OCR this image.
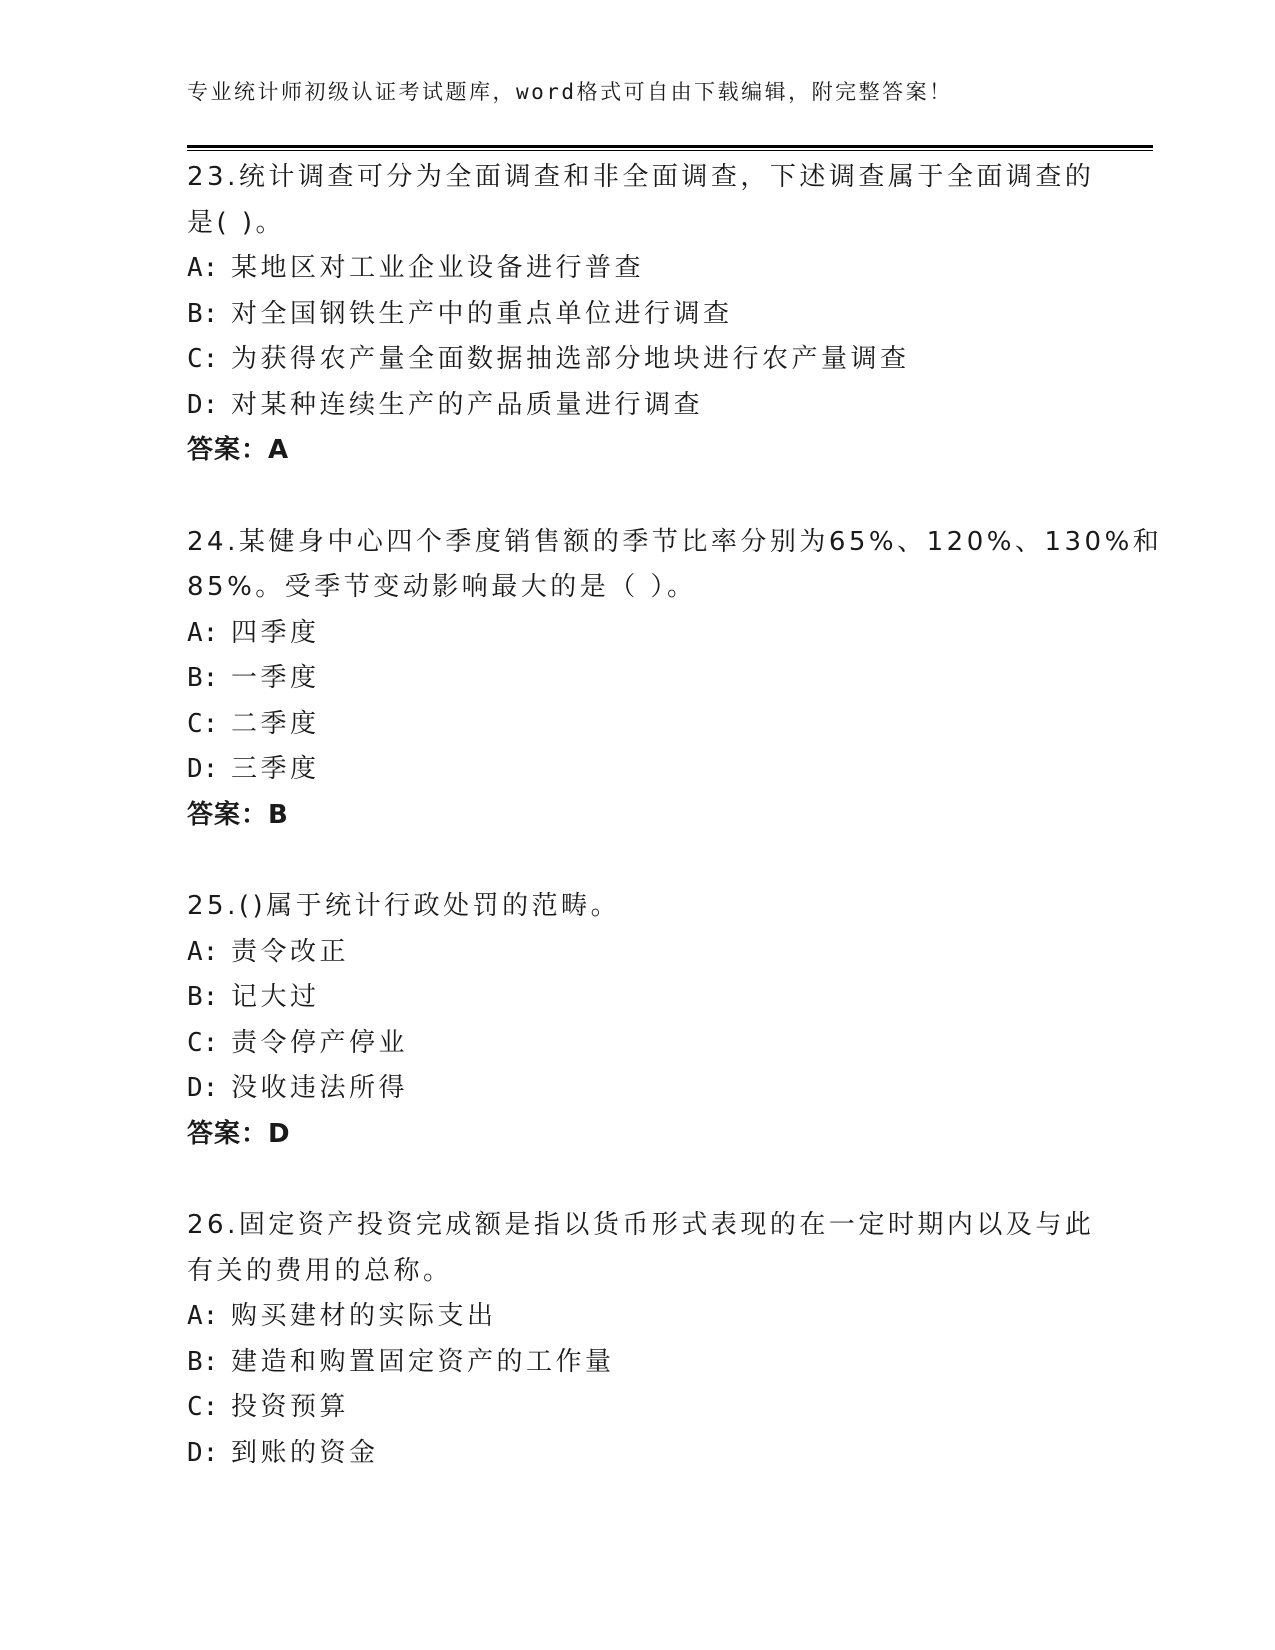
专业统计师初级认证考试题库，word格式可自由下载编辑，附完整答案！
23.统计调查可分为全面调查和非全面调查，下述调查属于全面调查的
是( )。
A: 某地区对工业企业设备进行普查
B: 对全国钢铁生产中的重点单位进行调查
C: 为获得农产量全面数据抽选部分地块进行农产量调查
D: 对某种连续生产的产品质量进行调查
答案：A
24.某健身中心四个季度销售额的季节比率分别为65%、120%、130%和
85%。受季节变动影响最大的是（ ）。
A: 四季度
B: 一季度
C: 二季度
D: 三季度
答案：B
25.()属于统计行政处罚的范畴。
A: 责令改正
B: 记大过
C: 责令停产停业
D: 没收违法所得
答案：D
26.固定资产投资完成额是指以货币形式表现的在一定时期内以及与此
有关的费用的总称。
A: 购买建材的实际支出
B: 建造和购置固定资产的工作量
C: 投资预算
D: 到账的资金
